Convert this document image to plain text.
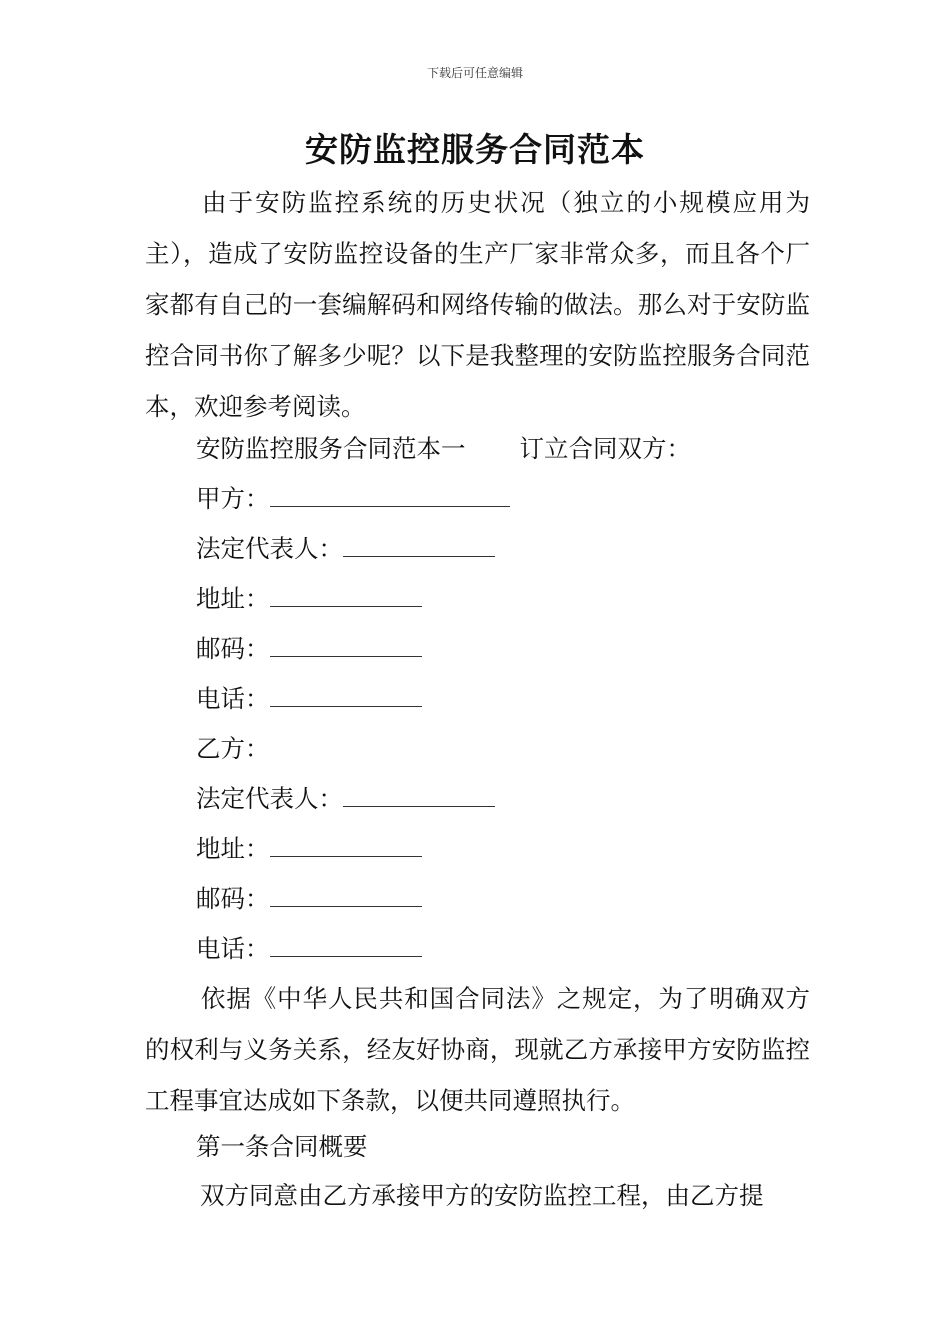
下载后可任意编辑
安防监控服务合同范本

由于安防监控系统的历史状况（独立的小规模应用为主），造成了安防监控设备的生产厂家非常众多，而且各个厂家都有自己的一套编解码和网络传输的做法。那么对于安防监控合同书你了解多少呢？以下是我整理的安防监控服务合同范本，欢迎参考阅读。

安防监控服务合同范本一 订立合同双方：
甲方：
法定代表人：
地址：
邮码：
电话：
乙方：
法定代表人：
地址：
邮码：
电话：

依据《中华人民共和国合同法》之规定，为了明确双方的权利与义务关系，经友好协商，现就乙方承接甲方安防监控工程事宜达成如下条款，以便共同遵照执行。

第一条合同概要

双方同意由乙方承接甲方的安防监控工程，由乙方提
